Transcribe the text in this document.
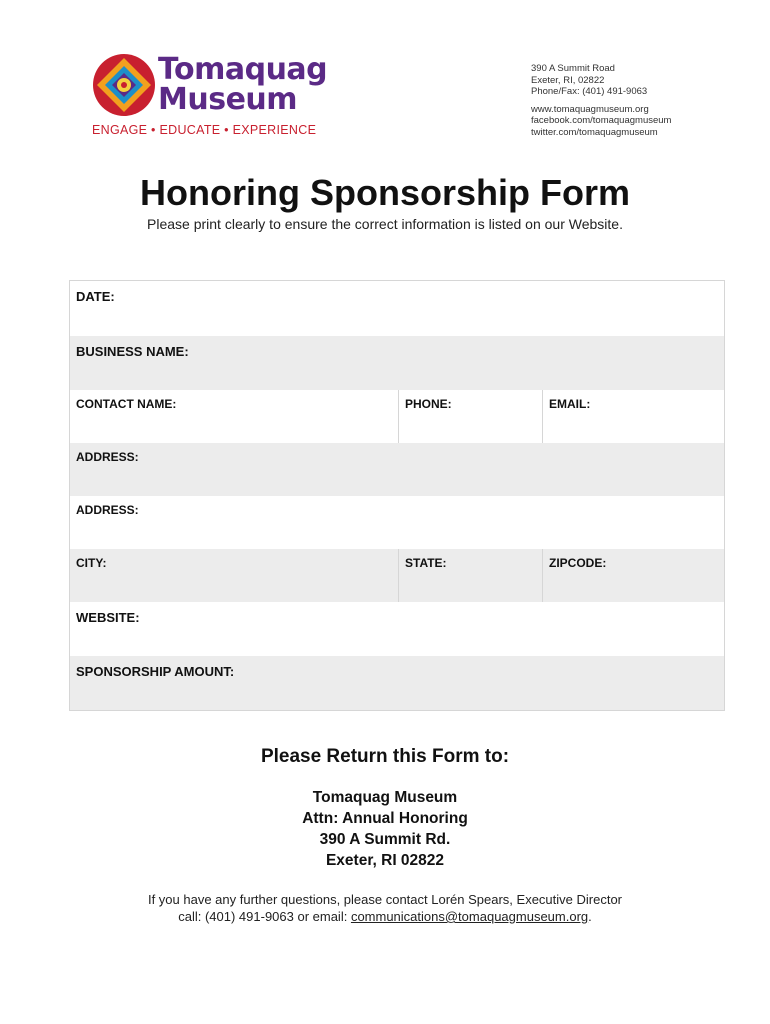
Tomaquag
Museum
ENGAGE • EDUCATE • EXPERIENCE
390 A Summit Road
Exeter, RI, 02822
Phone/Fax: (401) 491-9063
www.tomaquagmuseum.org
facebook.com/tomaquagmuseum
twitter.com/tomaquagmuseum
Honoring Sponsorship Form
Please print clearly to ensure the correct information is listed on our Website.
DATE:
BUSINESS NAME:
CONTACT NAME:	PHONE:	EMAIL:
ADDRESS:
ADDRESS:
CITY:	STATE:	ZIPCODE:
WEBSITE:
SPONSORSHIP AMOUNT:
Please Return this Form to:
Tomaquag Museum
Attn: Annual Honoring
390 A Summit Rd.
Exeter, RI 02822
If you have any further questions, please contact Lorén Spears, Executive Director
call: (401) 491-9063 or email: communications@tomaquagmuseum.org.
